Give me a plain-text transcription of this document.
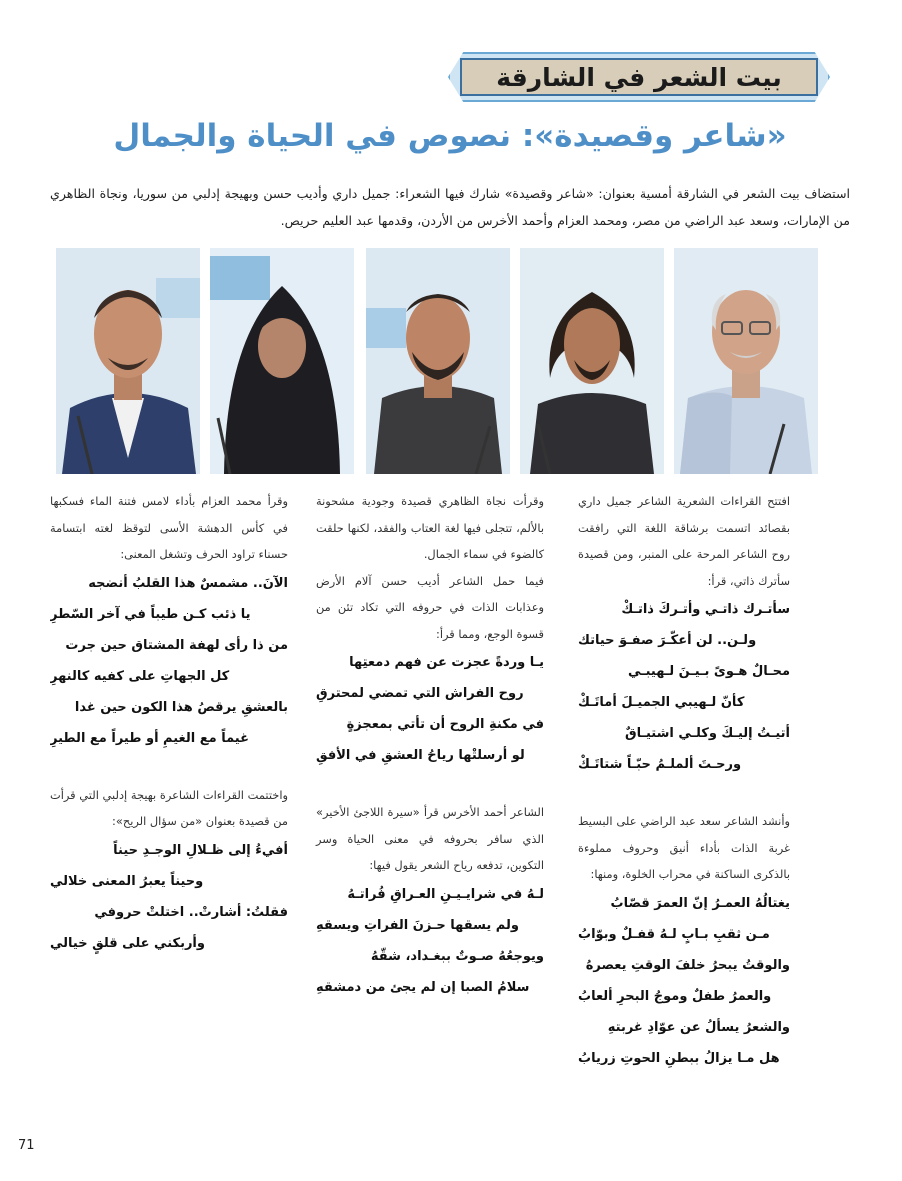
بيت الشعر في الشارقة
«شاعر وقصيدة»: نصوص في الحياة والجمال
استضاف بيت الشعر في الشارقة أمسية بعنوان: «شاعر وقصيدة» شارك فيها الشعراء: جميل داري وأديب حسن وبهيجة إدلبي من سوريا، ونجاة الظاهري من الإمارات، وسعد عبد الراضي من مصر، ومحمد العزام وأحمد الأخرس من الأردن، وقدمها عبد العليم حريص.

افتتح القراءات الشعرية الشاعر جميل داري بقصائد اتسمت برشاقة اللغة التي رافقت روح الشاعر المرحة على المنبر، ومن قصيدة سأترك ذاتي، قرأ:

سأتـرك ذاتـي وأتـركَ ذاتـكْ
ولـن.. لن أعكّـرَ صفـوَ حياتك
محـالٌ هـوىً بـيـنَ لـهيبـي
كأنّ لـهيبي الجميـلَ أماتَـكْ
أتيـتُ إليـكَ وكلـي اشتيـاقٌ
ورحـتَ ألملـمُ حبّـاً شتاتَـكْ

وأنشد الشاعر سعد عبد الراضي على البسيط غربة الذات بأداء أنيق وحروف مملوءة بالذكرى الساكنة في محراب الخلوة، ومنها:

يغتالُهُ العمـرُ إنّ العمرَ قصّابُ
مـن ثقبِ بـابٍ لـهُ قفـلٌ وبوّابُ
والوقتُ يبحرُ خلفَ الوقتِ يعصرهُ
والعمرُ طفلٌ وموجُ البحرِ ألعابُ
والشعرُ يسألُ عن عوّادِ غربتهِ
هل مـا يزالُ ببطنِ الحوتِ زريابُ

وقرأت نجاة الظاهري قصيدة وجودية مشحونة بالألم، تتجلى فيها لغة العتاب والفقد، لكنها حلقت كالضوء في سماء الجمال.

فيما حمل الشاعر أديب حسن آلام الأرض وعذابات الذات في حروفه التي تكاد تئن من قسوة الوجع، ومما قرأ:

يـا وردةً عجزت عن فهم دمعتِها
روح الفراش التي تمضي لمحترقِ
في مكنةِ الروح أن تأتي بمعجزةٍ
لو أرسلتْها رياحُ العشقِ في الأفقِ

الشاعر أحمد الأخرس قرأ «سيرة اللاجئ الأخير» الذي سافر بحروفه في معنى الحياة وسر التكوين، تدفعه رياح الشعر يقول فيها:

لـهُ في شرايـيـنِ العـراقِ فُراتـهُ
ولم يسقها حـزنَ الفراتِ ويسقهِ
ويوجعُهُ صـوتٌ ببغـداد، شقّهُ
سلامُ الصبا إن لم يجئ من دمشقهِ

وقرأ محمد العزام بأداء لامس فتنة الماء فسكبها في كأس الدهشة الأسى لتوقظ لغته ابتسامة حسناء تراود الحرف وتشغل المعنى:

الآنَ.. مشمسٌ هذا القلبُ أنضجه
يا ذئب كـن طيباً في آخر السّطرِ
من ذا رأى لهفة المشتاق حين جرت
كل الجهاتِ على كفيه كالنهرِ
بالعشقِ يرقصُ هذا الكون حين غدا
غيماً مع الغيمِ أو طيراً مع الطيرِ

واختتمت القراءات الشاعرة بهيجة إدلبي التي قرأت من قصيدة بعنوان «من سؤال الريح»:

أفيءُ إلى ظـلالِ الوجـدِ حيناً
وحيناً يعبرُ المعنى خلالي
فقلتُ: أشارتْ.. اختلتْ حروفي
وأربكني على قلقٍ خيالي
71
